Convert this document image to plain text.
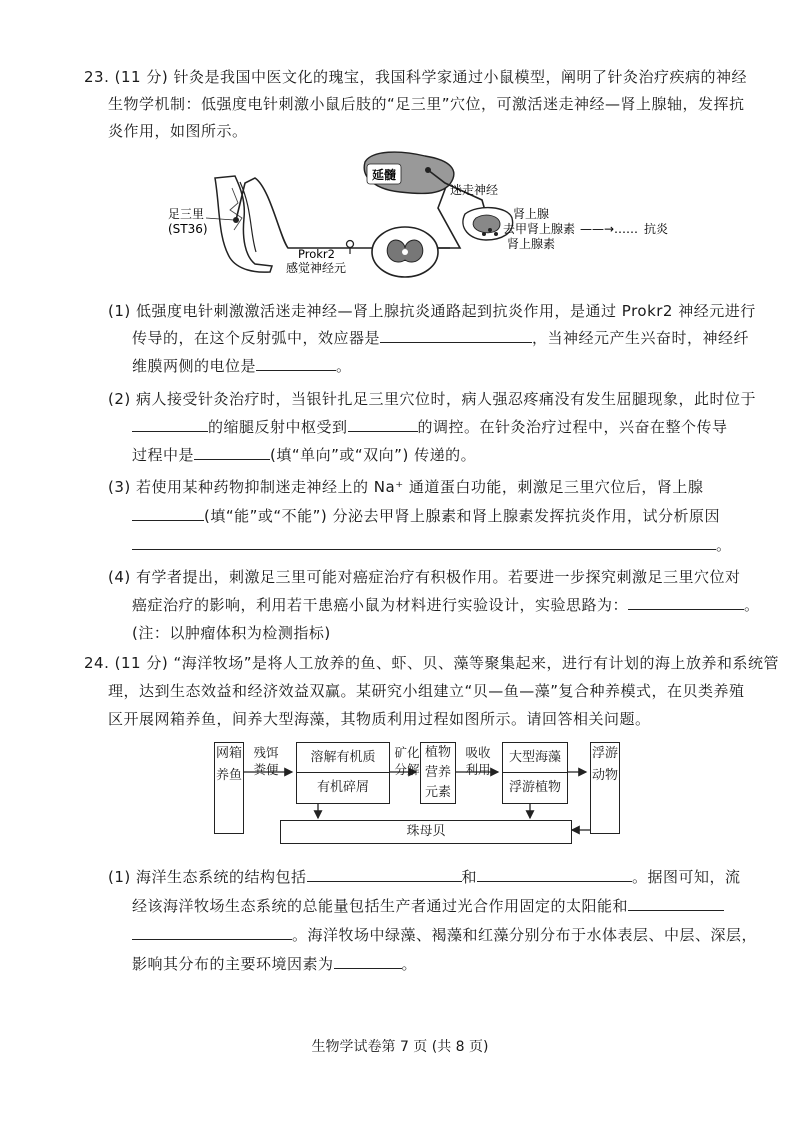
23. (11 分) 针灸是我国中医文化的瑰宝，我国科学家通过小鼠模型，阐明了针灸治疗疾病的神经
生物学机制：低强度电针刺激小鼠后肢的“足三里”穴位，可激活迷走神经—肾上腺轴，发挥抗
炎作用，如图所示。
延髓
迷走神经
肾上腺
去甲肾上腺素
肾上腺素
——→…… 抗炎
足三里
(ST36)
Prokr2
感觉神经元
(1) 低强度电针刺激激活迷走神经—肾上腺抗炎通路起到抗炎作用，是通过 Prokr2 神经元进行
传导的，在这个反射弧中，效应器是	，当神经元产生兴奋时，神经纤
维膜两侧的电位是	。
(2) 病人接受针灸治疗时，当银针扎足三里穴位时，病人强忍疼痛没有发生屈腿现象，此时位于
的缩腿反射中枢受到	的调控。在针灸治疗过程中，兴奋在整个传导
过程中是	(填“单向”或“双向”) 传递的。
(3) 若使用某种药物抑制迷走神经上的 Na⁺ 通道蛋白功能，刺激足三里穴位后，肾上腺
(填“能”或“不能”) 分泌去甲肾上腺素和肾上腺素发挥抗炎作用，试分析原因
。
(4) 有学者提出，刺激足三里可能对癌症治疗有积极作用。若要进一步探究刺激足三里穴位对
癌症治疗的影响，利用若干患癌小鼠为材料进行实验设计，实验思路为：	。
(注：以肿瘤体积为检测指标)
24. (11 分) “海洋牧场”是将人工放养的鱼、虾、贝、藻等聚集起来，进行有计划的海上放养和系统管
理，达到生态效益和经济效益双赢。某研究小组建立“贝—鱼—藻”复合种养模式，在贝类养殖
区开展网箱养鱼，间养大型海藻，其物质利用过程如图所示。请回答相关问题。
网箱养鱼
残饵 粪便
溶解有机质
有机碎屑
矿化 分解
植物营养元素
吸收 利用
大型海藻
浮游植物
浮游动物
珠母贝
(1) 海洋生态系统的结构包括	和	。据图可知，流
经该海洋牧场生态系统的总能量包括生产者通过光合作用固定的太阳能和
。海洋牧场中绿藻、褐藻和红藻分别分布于水体表层、中层、深层，
影响其分布的主要环境因素为	。
生物学试卷第 7 页 (共 8 页)
